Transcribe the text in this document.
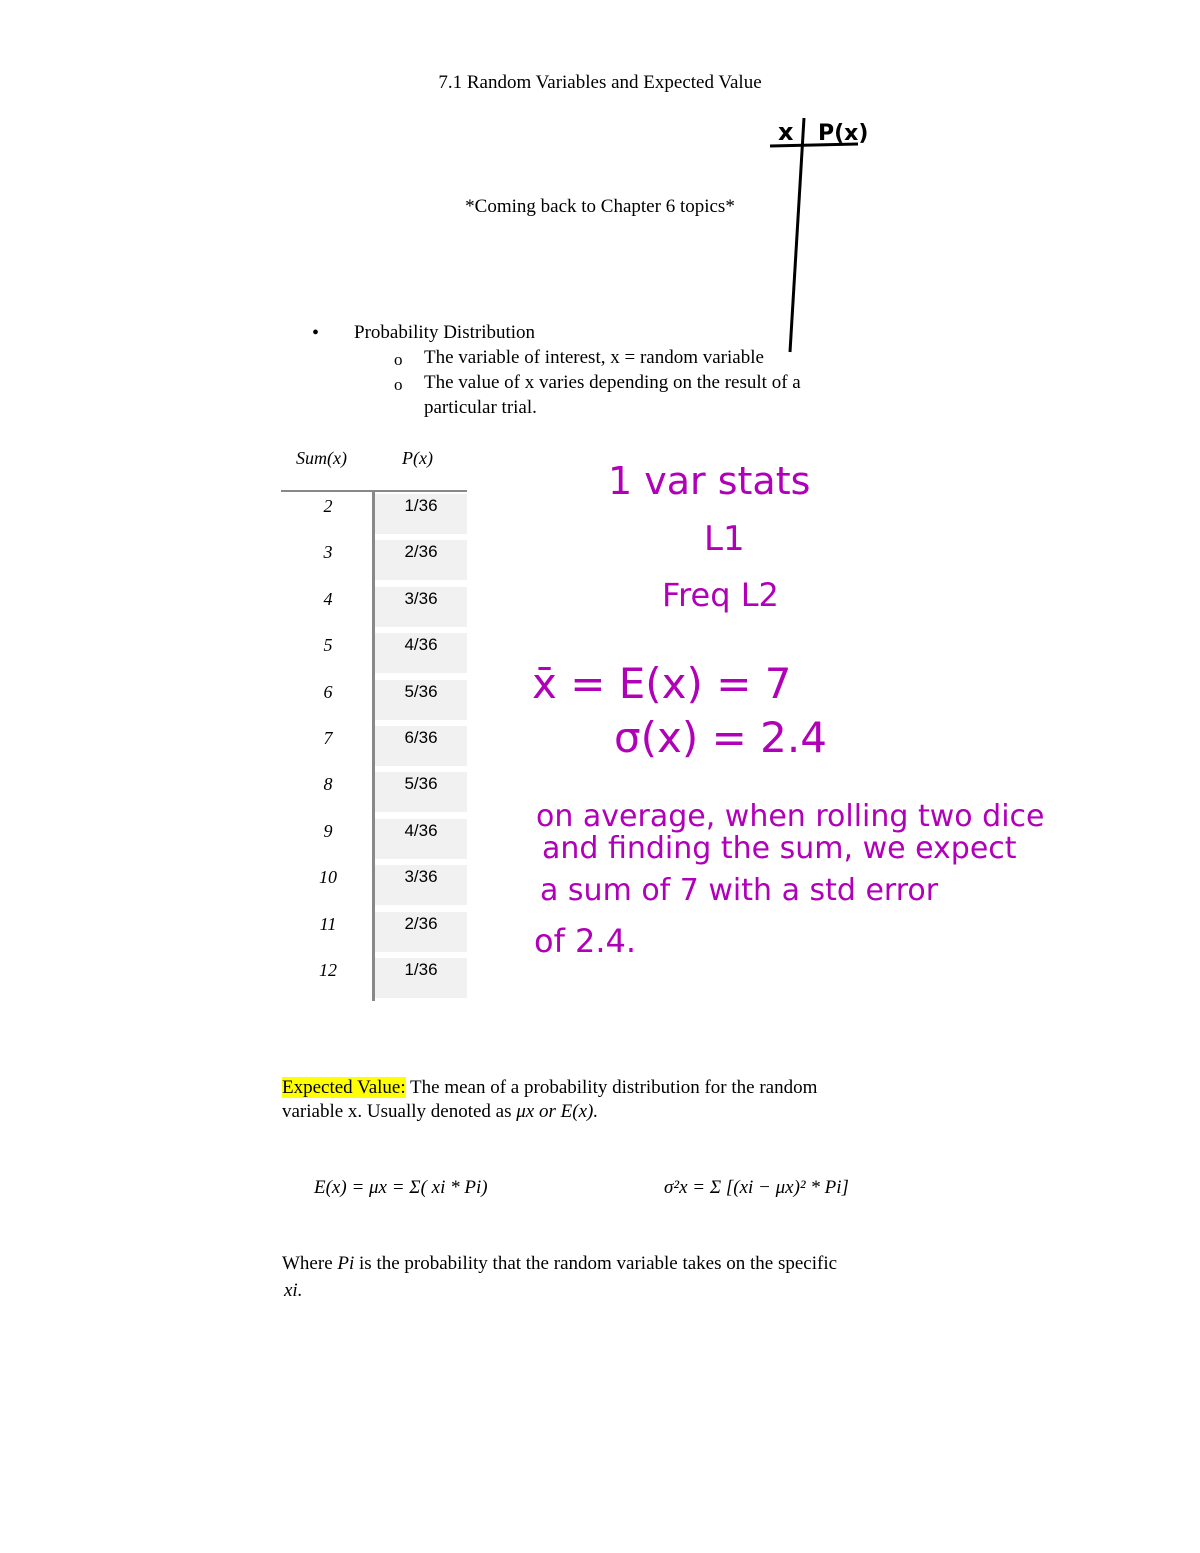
7.1 Random Variables and Expected Value
*Coming back to Chapter 6 topics*
• Probability Distribution
o The variable of interest, x = random variable
o The value of x varies depending on the result of a
particular trial.
Sum(x)	P(x)
2	1/36
3	2/36
4	3/36
5	4/36
6	5/36
7	6/36
8	5/36
9	4/36
10	3/36
11	2/36
12	1/36
Expected Value: The mean of a probability distribution for the random
variable x. Usually denoted as μx or E(x).
E(x) = μx = Σ( xi * Pi)	σ²x = Σ [(xi − μx)² * Pi]
Where Pi is the probability that the random variable takes on the specific
xi.
x P(x)
1 var stats
L1
Freq L2
x̄ = E(x) = 7
σ(x) = 2.4
on average, when rolling two dice
and finding the sum, we expect
a sum of 7 with a std error
of 2.4.
